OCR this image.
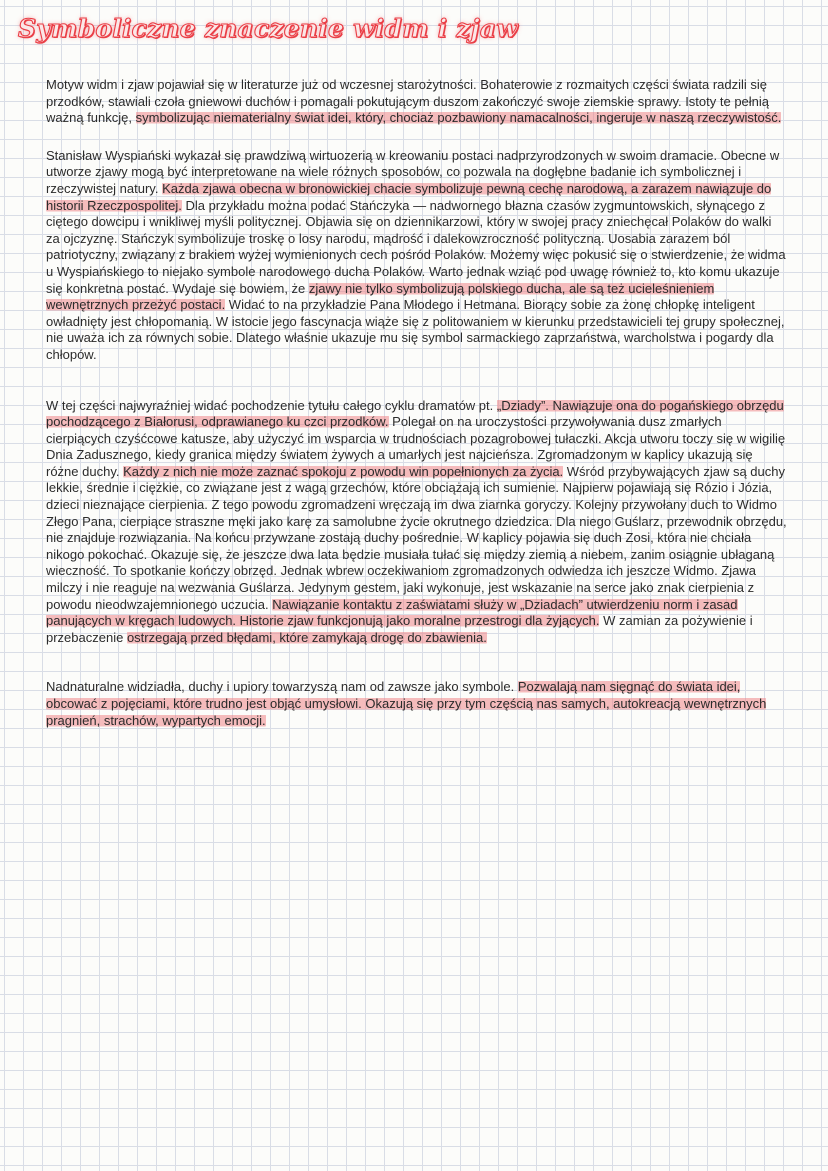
Symboliczne znaczenie widm i zjaw

Motyw widm i zjaw pojawiał się w literaturze już od wczesnej starożytności. Bohaterowie z rozmaitych części świata radzili się przodków, stawiali czoła gniewowi duchów i pomagali pokutującym duszom zakończyć swoje ziemskie sprawy. Istoty te pełnią ważną funkcję, symbolizując niematerialny świat idei, który, chociaż pozbawiony namacalności, ingeruje w naszą rzeczywistość.

Stanisław Wyspiański wykazał się prawdziwą wirtuozerią w kreowaniu postaci nadprzyrodzonych w swoim dramacie. Obecne w utworze zjawy mogą być interpretowane na wiele różnych sposobów, co pozwala na dogłębne badanie ich symbolicznej i rzeczywistej natury. Każda zjawa obecna w bronowickiej chacie symbolizuje pewną cechę narodową, a zarazem nawiązuje do historii Rzeczpospolitej. Dla przykładu można podać Stańczyka — nadwornego błazna czasów zygmuntowskich, słynącego z ciętego dowcipu i wnikliwej myśli politycznej. Objawia się on dziennikarzowi, który w swojej pracy zniechęcał Polaków do walki za ojczyznę. Stańczyk symbolizuje troskę o losy narodu, mądrość i dalekowzroczność polityczną. Uosabia zarazem ból patriotyczny, związany z brakiem wyżej wymienionych cech pośród Polaków. Możemy więc pokusić się o stwierdzenie, że widma u Wyspiańskiego to niejako symbole narodowego ducha Polaków. Warto jednak wziąć pod uwagę również to, kto komu ukazuje się konkretna postać. Wydaje się bowiem, że zjawy nie tylko symbolizują polskiego ducha, ale są też ucieleśnieniem wewnętrznych przeżyć postaci. Widać to na przykładzie Pana Młodego i Hetmana. Biorący sobie za żonę chłopkę inteligent owładnięty jest chłopomanią. W istocie jego fascynacja wiąże się z politowaniem w kierunku przedstawicieli tej grupy społecznej, nie uważa ich za równych sobie. Dlatego właśnie ukazuje mu się symbol sarmackiego zaprzaństwa, warcholstwa i pogardy dla chłopów.

W tej części najwyraźniej widać pochodzenie tytułu całego cyklu dramatów pt. „Dziady”. Nawiązuje ona do pogańskiego obrzędu pochodzącego z Białorusi, odprawianego ku czci przodków. Polegał on na uroczystości przywoływania dusz zmarłych cierpiących czyśćcowe katusze, aby użyczyć im wsparcia w trudnościach pozagrobowej tułaczki. Akcja utworu toczy się w wigilię Dnia Zadusznego, kiedy granica między światem żywych a umarłych jest najcieńsza. Zgromadzonym w kaplicy ukazują się różne duchy. Każdy z nich nie może zaznać spokoju z powodu win popełnionych za życia. Wśród przybywających zjaw są duchy lekkie, średnie i ciężkie, co związane jest z wagą grzechów, które obciążają ich sumienie. Najpierw pojawiają się Rózio i Józia, dzieci nieznające cierpienia. Z tego powodu zgromadzeni wręczają im dwa ziarnka goryczy. Kolejny przywołany duch to Widmo Złego Pana, cierpiące straszne męki jako karę za samolubne życie okrutnego dziedzica. Dla niego Guślarz, przewodnik obrzędu, nie znajduje rozwiązania. Na końcu przywzane zostają duchy pośrednie. W kaplicy pojawia się duch Zosi, która nie chciała nikogo pokochać. Okazuje się, że jeszcze dwa lata będzie musiała tułać się między ziemią a niebem, zanim osiągnie ubłaganą wieczność. To spotkanie kończy obrzęd. Jednak wbrew oczekiwaniom zgromadzonych odwiedza ich jeszcze Widmo. Zjawa milczy i nie reaguje na wezwania Guślarza. Jedynym gestem, jaki wykonuje, jest wskazanie na serce jako znak cierpienia z powodu nieodwzajemnionego uczucia. Nawiązanie kontaktu z zaświatami służy w „Dziadach” utwierdzeniu norm i zasad panujących w kręgach ludowych. Historie zjaw funkcjonują jako moralne przestrogi dla żyjących. W zamian za pożywienie i przebaczenie ostrzegają przed błędami, które zamykają drogę do zbawienia.

Nadnaturalne widziadła, duchy i upiory towarzyszą nam od zawsze jako symbole. Pozwalają nam sięgnąć do świata idei, obcować z pojęciami, które trudno jest objąć umysłowi. Okazują się przy tym częścią nas samych, autokreacją wewnętrznych pragnień, strachów, wypartych emocji.
